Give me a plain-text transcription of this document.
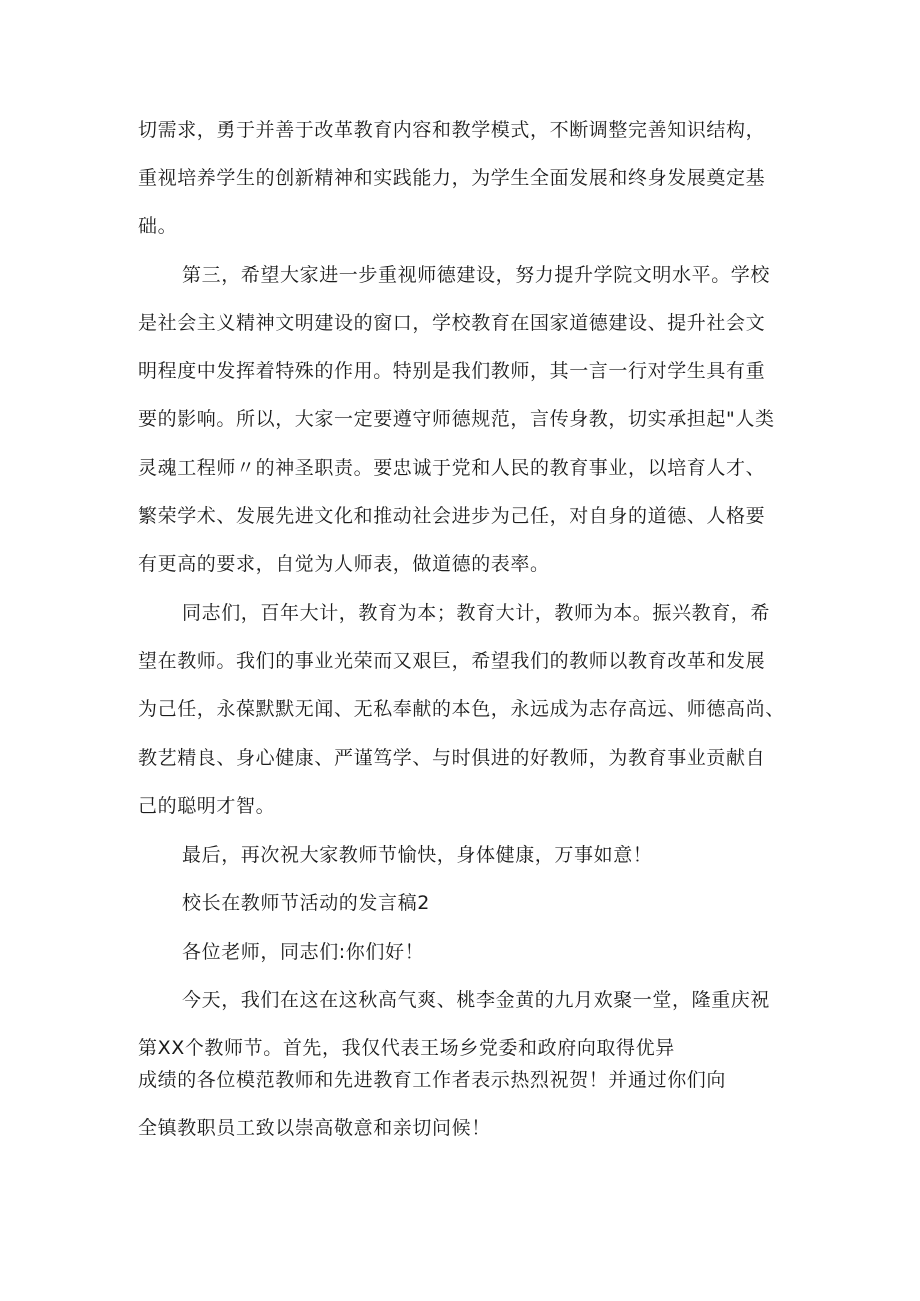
切需求，勇于并善于改革教育内容和教学模式，不断调整完善知识结构，
重视培养学生的创新精神和实践能力，为学生全面发展和终身发展奠定基
础。
第三，希望大家进一步重视师德建设，努力提升学院文明水平。学校
是社会主义精神文明建设的窗口，学校教育在国家道德建设、提升社会文
明程度中发挥着特殊的作用。特别是我们教师，其一言一行对学生具有重
要的影响。所以，大家一定要遵守师德规范，言传身教，切实承担起"人类
灵魂工程师〃的神圣职责。要忠诚于党和人民的教育事业，以培育人才、
繁荣学术、发展先进文化和推动社会进步为己任，对自身的道德、人格要
有更高的要求，自觉为人师表，做道德的表率。
同志们，百年大计，教育为本；教育大计，教师为本。振兴教育，希
望在教师。我们的事业光荣而又艰巨，希望我们的教师以教育改革和发展
为己任，永葆默默无闻、无私奉献的本色，永远成为志存高远、师德高尚、
教艺精良、身心健康、严谨笃学、与时俱进的好教师，为教育事业贡献自
己的聪明才智。
最后，再次祝大家教师节愉快，身体健康，万事如意！
校长在教师节活动的发言稿2
各位老师，同志们:你们好！
今天，我们在这在这秋高气爽、桃李金黄的九月欢聚一堂，隆重庆祝
第XX个教师节。首先，我仅代表王场乡党委和政府向取得优异
成绩的各位模范教师和先进教育工作者表示热烈祝贺！并通过你们向
全镇教职员工致以崇高敬意和亲切问候！
